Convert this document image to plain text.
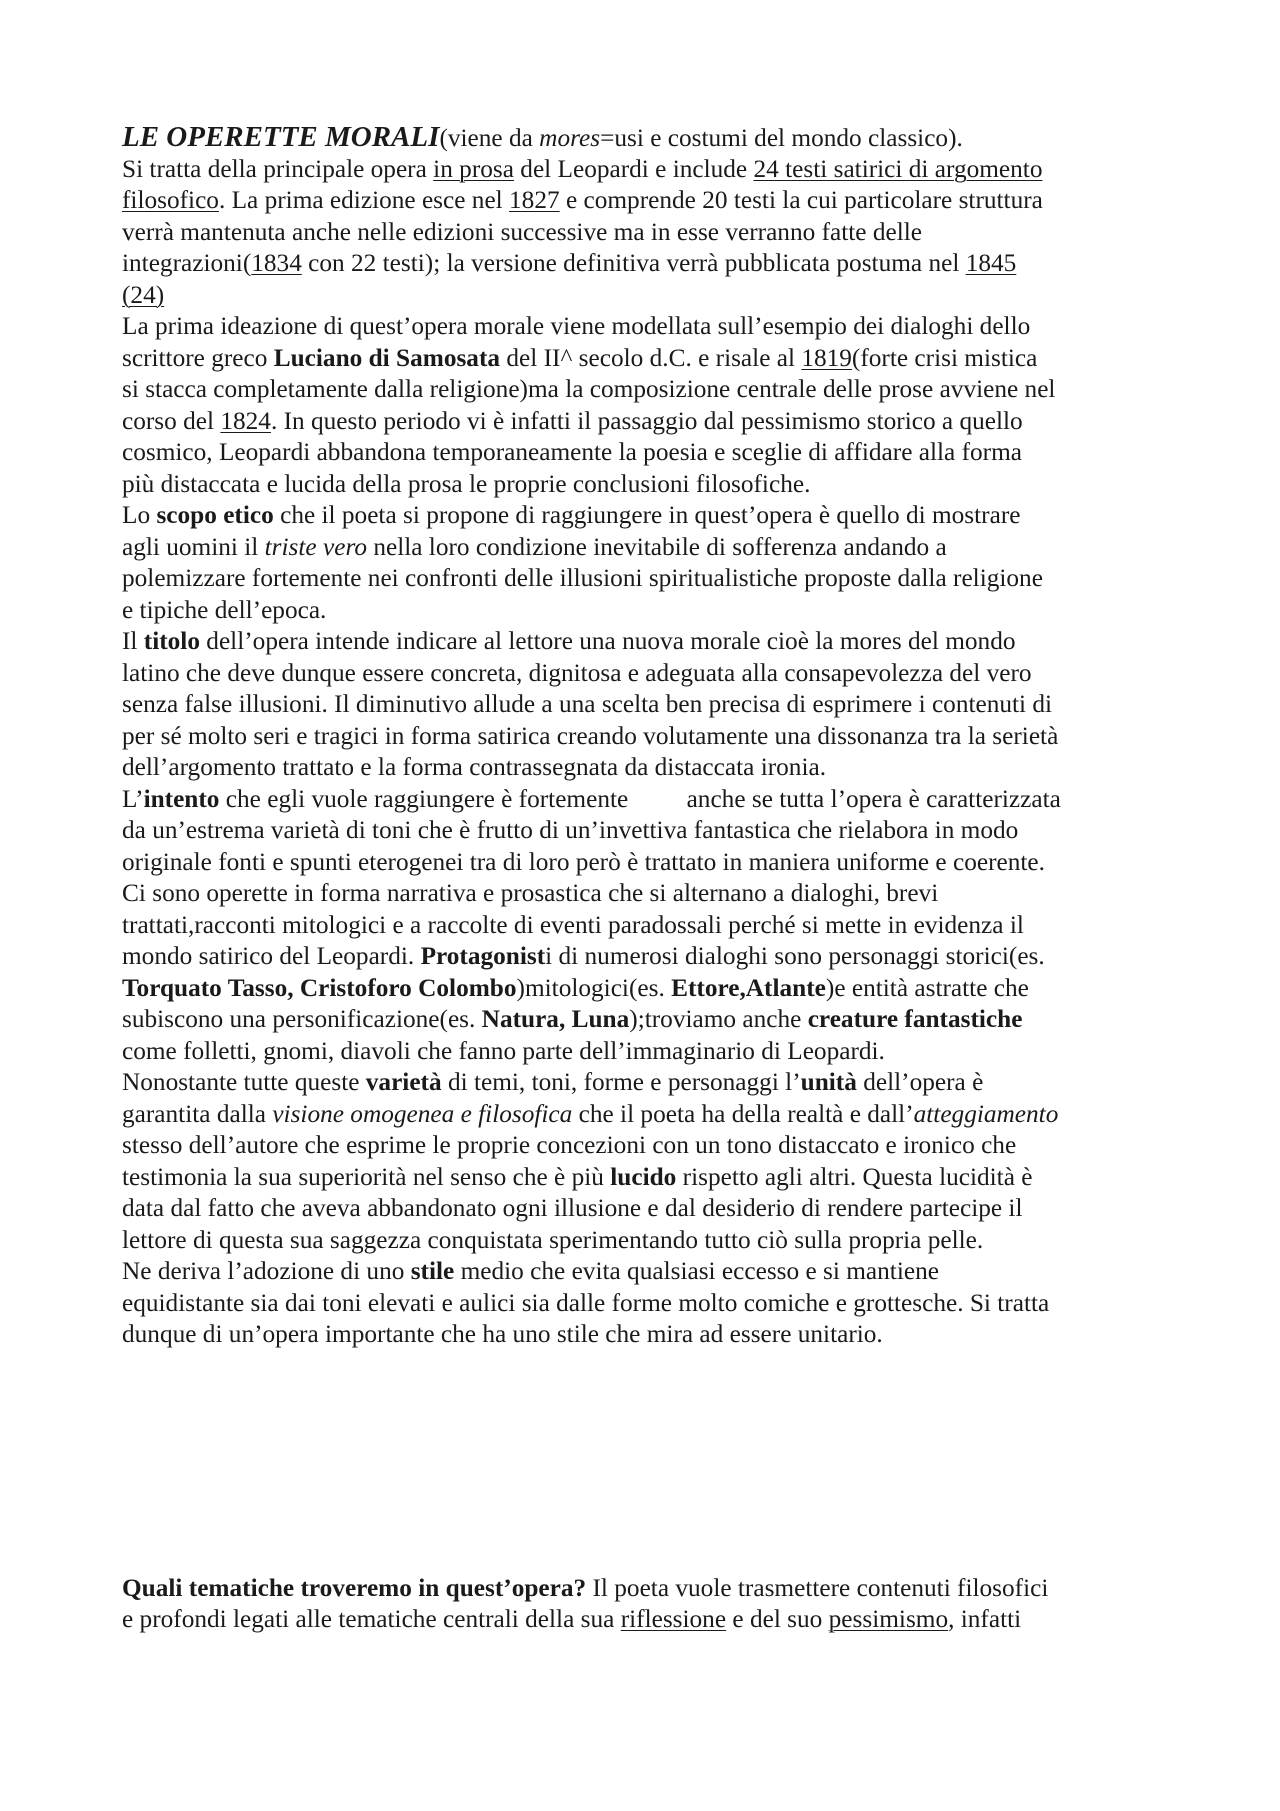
LE OPERETTE MORALI(viene da mores=usi e costumi del mondo classico).
Si tratta della principale opera in prosa del Leopardi e include 24 testi satirici di argomento
filosofico. La prima edizione esce nel 1827 e comprende 20 testi la cui particolare struttura
verrà mantenuta anche nelle edizioni successive ma in esse verranno fatte delle
integrazioni(1834 con 22 testi); la versione definitiva verrà pubblicata postuma nel 1845
(24)
La prima ideazione di quest’opera morale viene modellata sull’esempio dei dialoghi dello
scrittore greco Luciano di Samosata del II^ secolo d.C. e risale al 1819(forte crisi mistica
si stacca completamente dalla religione)ma la composizione centrale delle prose avviene nel
corso del 1824. In questo periodo vi è infatti il passaggio dal pessimismo storico a quello
cosmico, Leopardi abbandona temporaneamente la poesia e sceglie di affidare alla forma
più distaccata e lucida della prosa le proprie conclusioni filosofiche.
Lo scopo etico che il poeta si propone di raggiungere in quest’opera è quello di mostrare
agli uomini il triste vero nella loro condizione inevitabile di sofferenza andando a
polemizzare fortemente nei confronti delle illusioni spiritualistiche proposte dalla religione
e tipiche dell’epoca.
Il titolo dell’opera intende indicare al lettore una nuova morale cioè la mores del mondo
latino che deve dunque essere concreta, dignitosa e adeguata alla consapevolezza del vero
senza false illusioni. Il diminutivo allude a una scelta ben precisa di esprimere i contenuti di
per sé molto seri e tragici in forma satirica creando volutamente una dissonanza tra la serietà
dell’argomento trattato e la forma contrassegnata da distaccata ironia.
L’intento che egli vuole raggiungere è fortemente anche se tutta l’opera è caratterizzata
da un’estrema varietà di toni che è frutto di un’invettiva fantastica che rielabora in modo
originale fonti e spunti eterogenei tra di loro però è trattato in maniera uniforme e coerente.
Ci sono operette in forma narrativa e prosastica che si alternano a dialoghi, brevi
trattati,racconti mitologici e a raccolte di eventi paradossali perché si mette in evidenza il
mondo satirico del Leopardi. Protagonisti di numerosi dialoghi sono personaggi storici(es.
Torquato Tasso, Cristoforo Colombo)mitologici(es. Ettore,Atlante)e entità astratte che
subiscono una personificazione(es. Natura, Luna);troviamo anche creature fantastiche
come folletti, gnomi, diavoli che fanno parte dell’immaginario di Leopardi.
Nonostante tutte queste varietà di temi, toni, forme e personaggi l’unità dell’opera è
garantita dalla visione omogenea e filosofica che il poeta ha della realtà e dall’atteggiamento
stesso dell’autore che esprime le proprie concezioni con un tono distaccato e ironico che
testimonia la sua superiorità nel senso che è più lucido rispetto agli altri. Questa lucidità è
data dal fatto che aveva abbandonato ogni illusione e dal desiderio di rendere partecipe il
lettore di questa sua saggezza conquistata sperimentando tutto ciò sulla propria pelle.
Ne deriva l’adozione di uno stile medio che evita qualsiasi eccesso e si mantiene
equidistante sia dai toni elevati e aulici sia dalle forme molto comiche e grottesche. Si tratta
dunque di un’opera importante che ha uno stile che mira ad essere unitario.
Quali tematiche troveremo in quest’opera? Il poeta vuole trasmettere contenuti filosofici
e profondi legati alle tematiche centrali della sua riflessione e del suo pessimismo, infatti
